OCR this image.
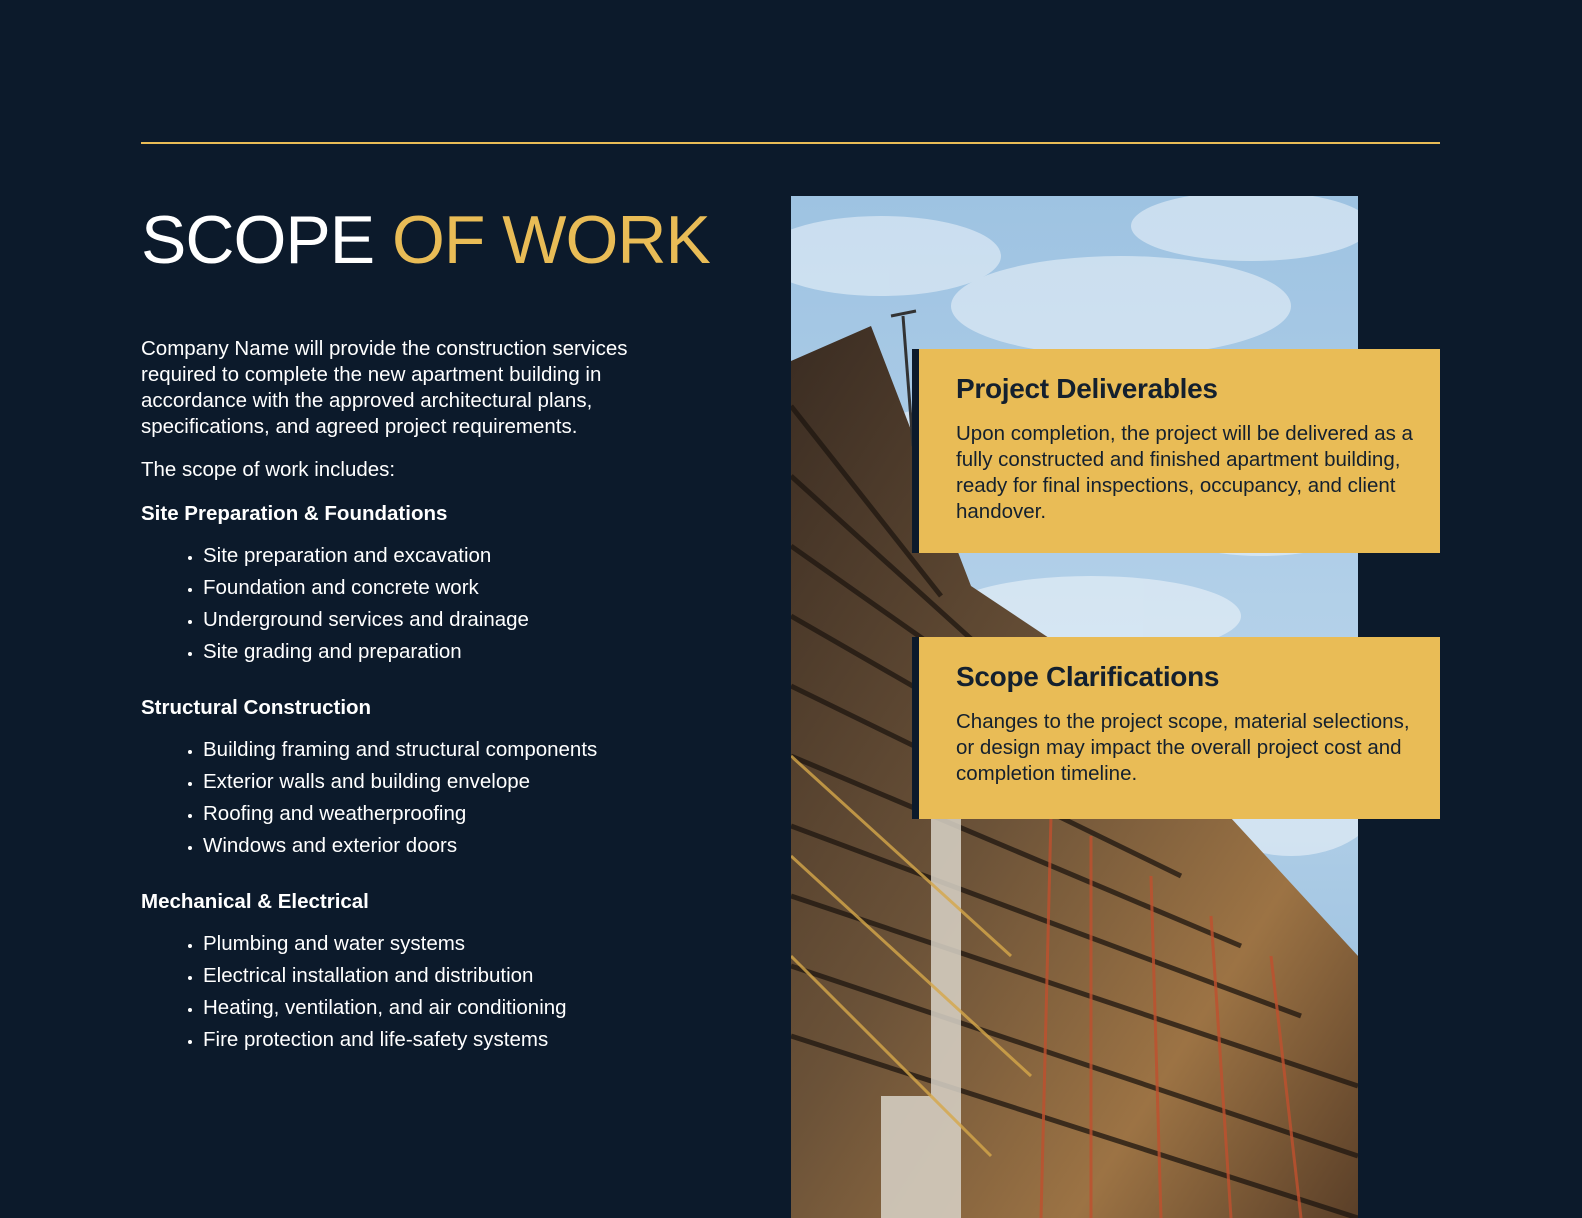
SCOPE OF WORK

Company Name will provide the construction services required to complete the new apartment building in accordance with the approved architectural plans, specifications, and agreed project requirements.

The scope of work includes:

Site Preparation & Foundations
• Site preparation and excavation
• Foundation and concrete work
• Underground services and drainage
• Site grading and preparation
Structural Construction
• Building framing and structural components
• Exterior walls and building envelope
• Roofing and weatherproofing
• Windows and exterior doors
Mechanical & Electrical
• Plumbing and water systems
• Electrical installation and distribution
• Heating, ventilation, and air conditioning
• Fire protection and life-safety systems
Project Deliverables

Upon completion, the project will be delivered as a fully constructed and finished apartment building, ready for final inspections, occupancy, and client handover.

Scope Clarifications

Changes to the project scope, material selections, or design may impact the overall project cost and completion timeline.
